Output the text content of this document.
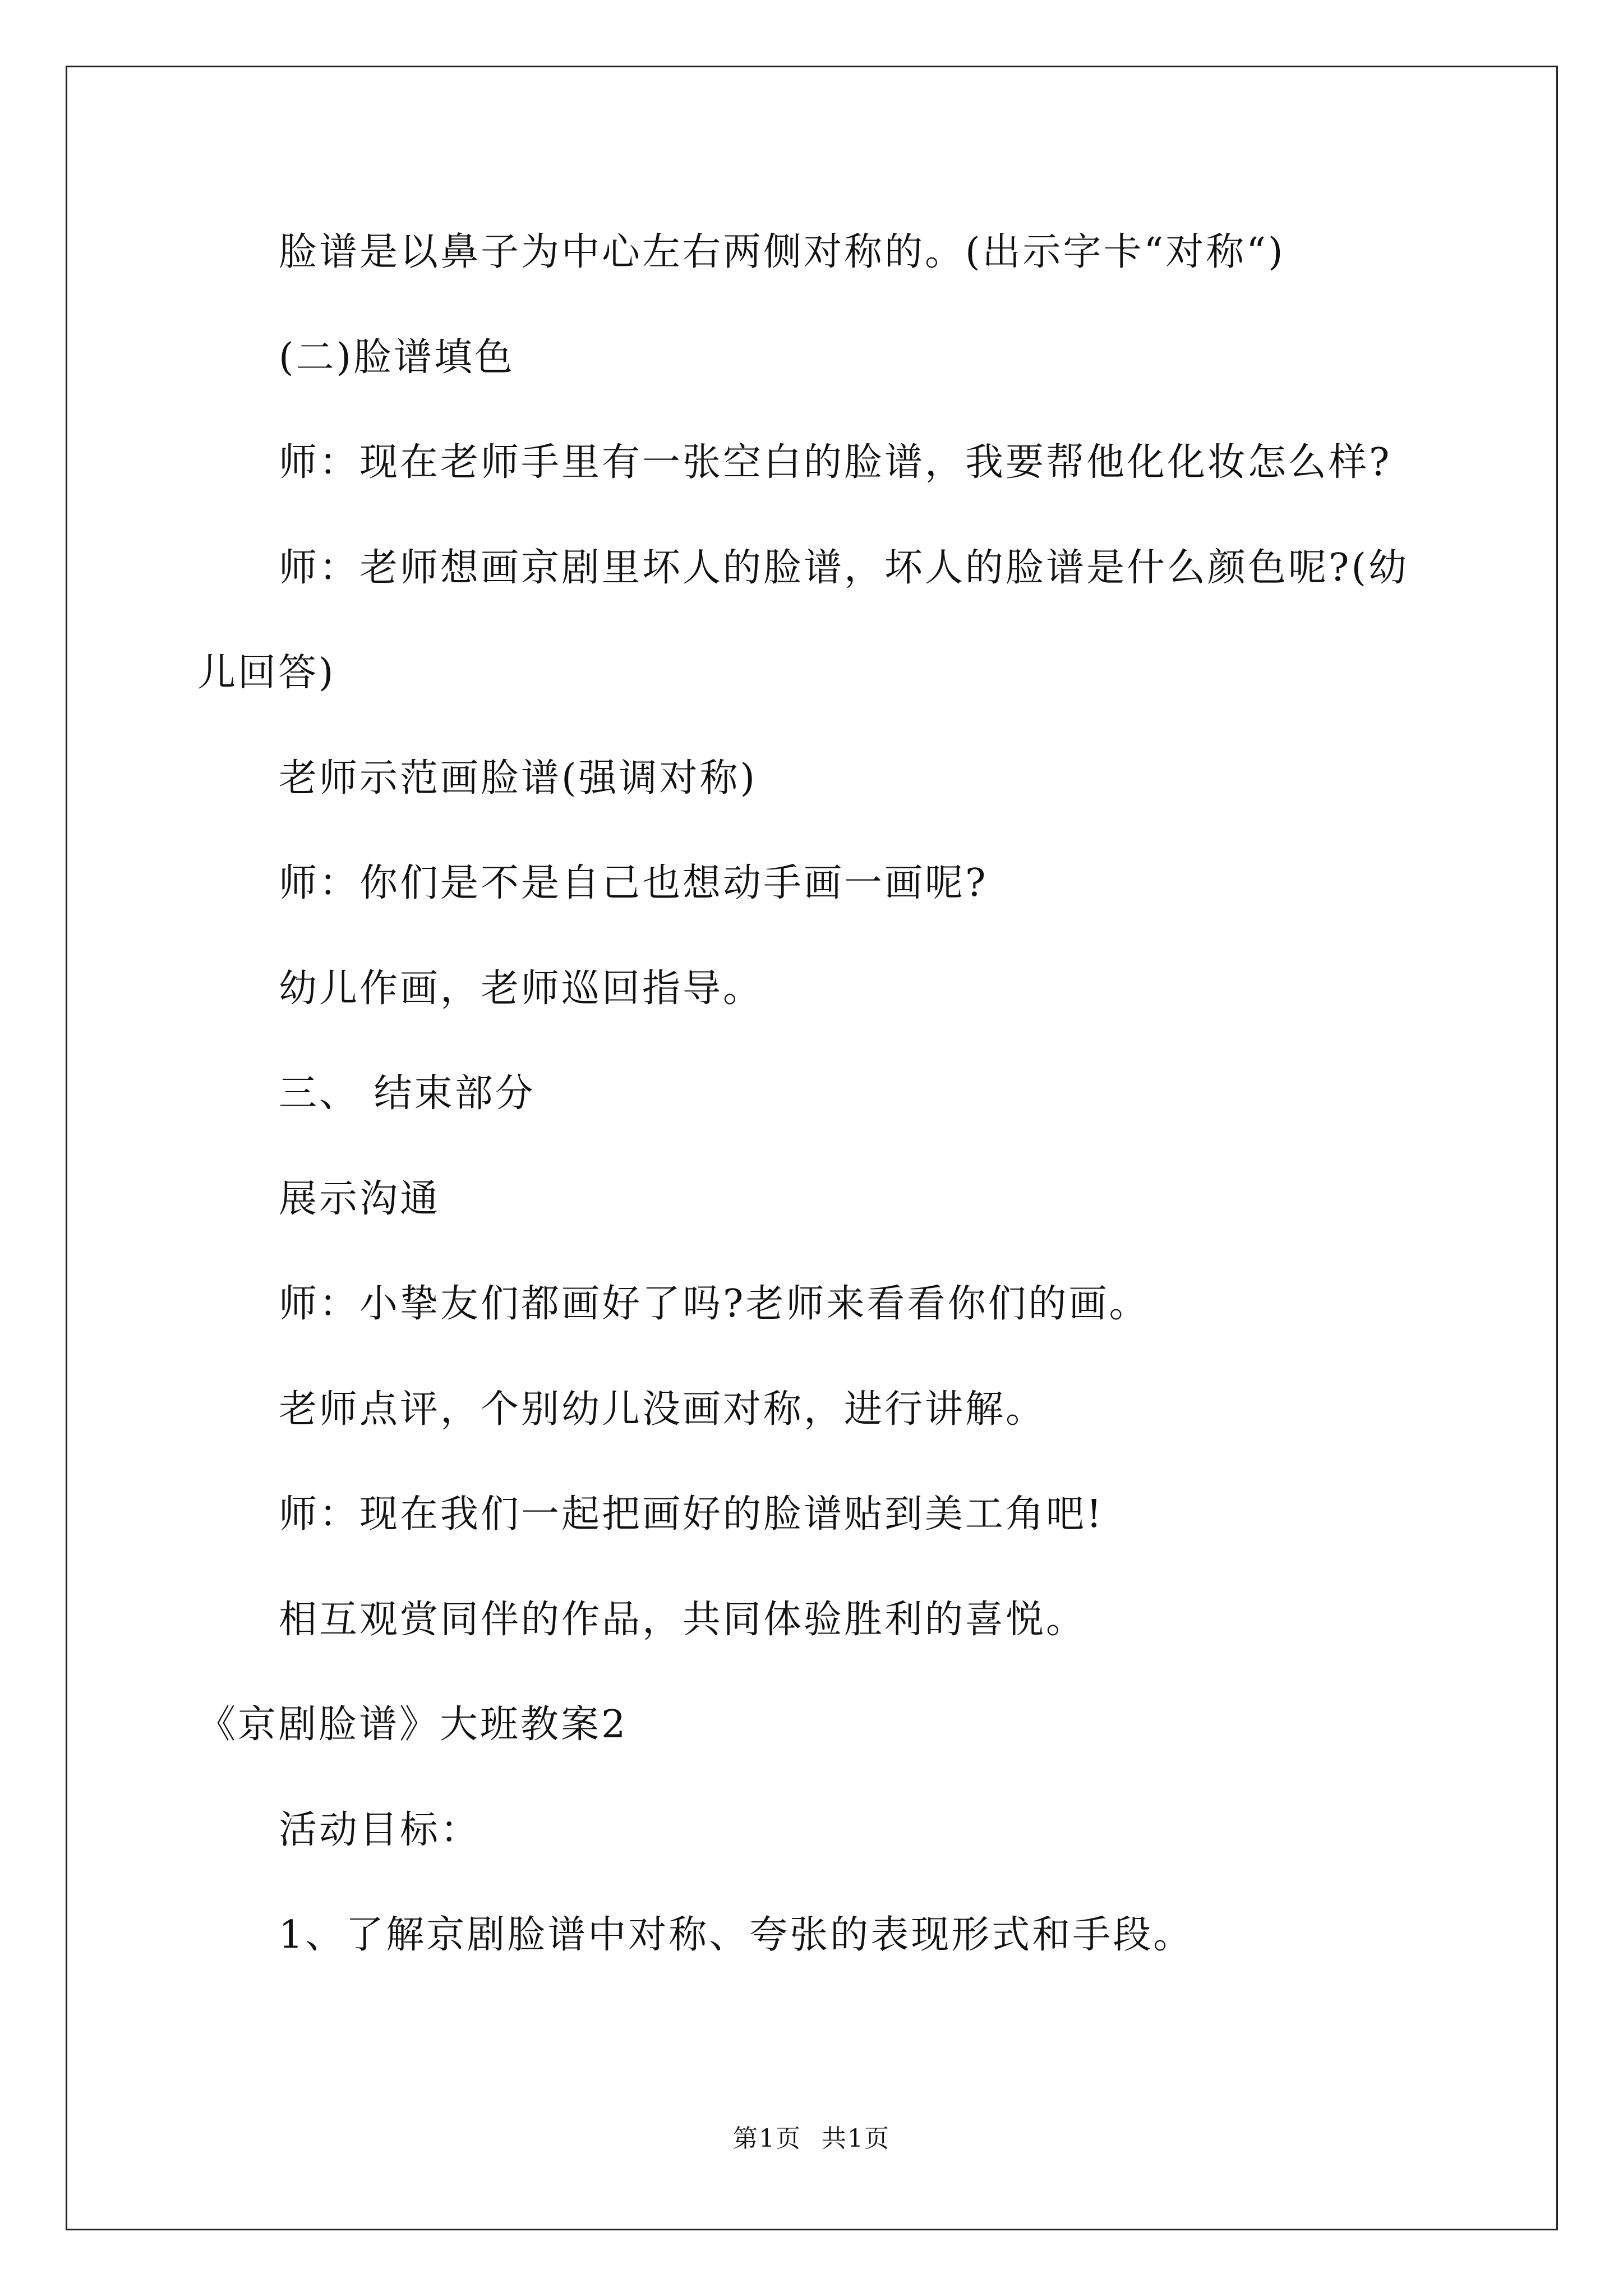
脸谱是以鼻子为中心左右两侧对称的。(出示字卡“对称“)
(二)脸谱填色
师：现在老师手里有一张空白的脸谱，我要帮他化化妆怎么样?
师：老师想画京剧里坏人的脸谱，坏人的脸谱是什么颜色呢?(幼
儿回答)
老师示范画脸谱(强调对称)
师：你们是不是自己也想动手画一画呢?
幼儿作画，老师巡回指导。
三、 结束部分
展示沟通
师：小挚友们都画好了吗?老师来看看你们的画。
老师点评，个别幼儿没画对称，进行讲解。
师：现在我们一起把画好的脸谱贴到美工角吧!
相互观赏同伴的作品，共同体验胜利的喜悦。
《京剧脸谱》大班教案2
活动目标：
1、了解京剧脸谱中对称、夸张的表现形式和手段。
第1页 共1页
